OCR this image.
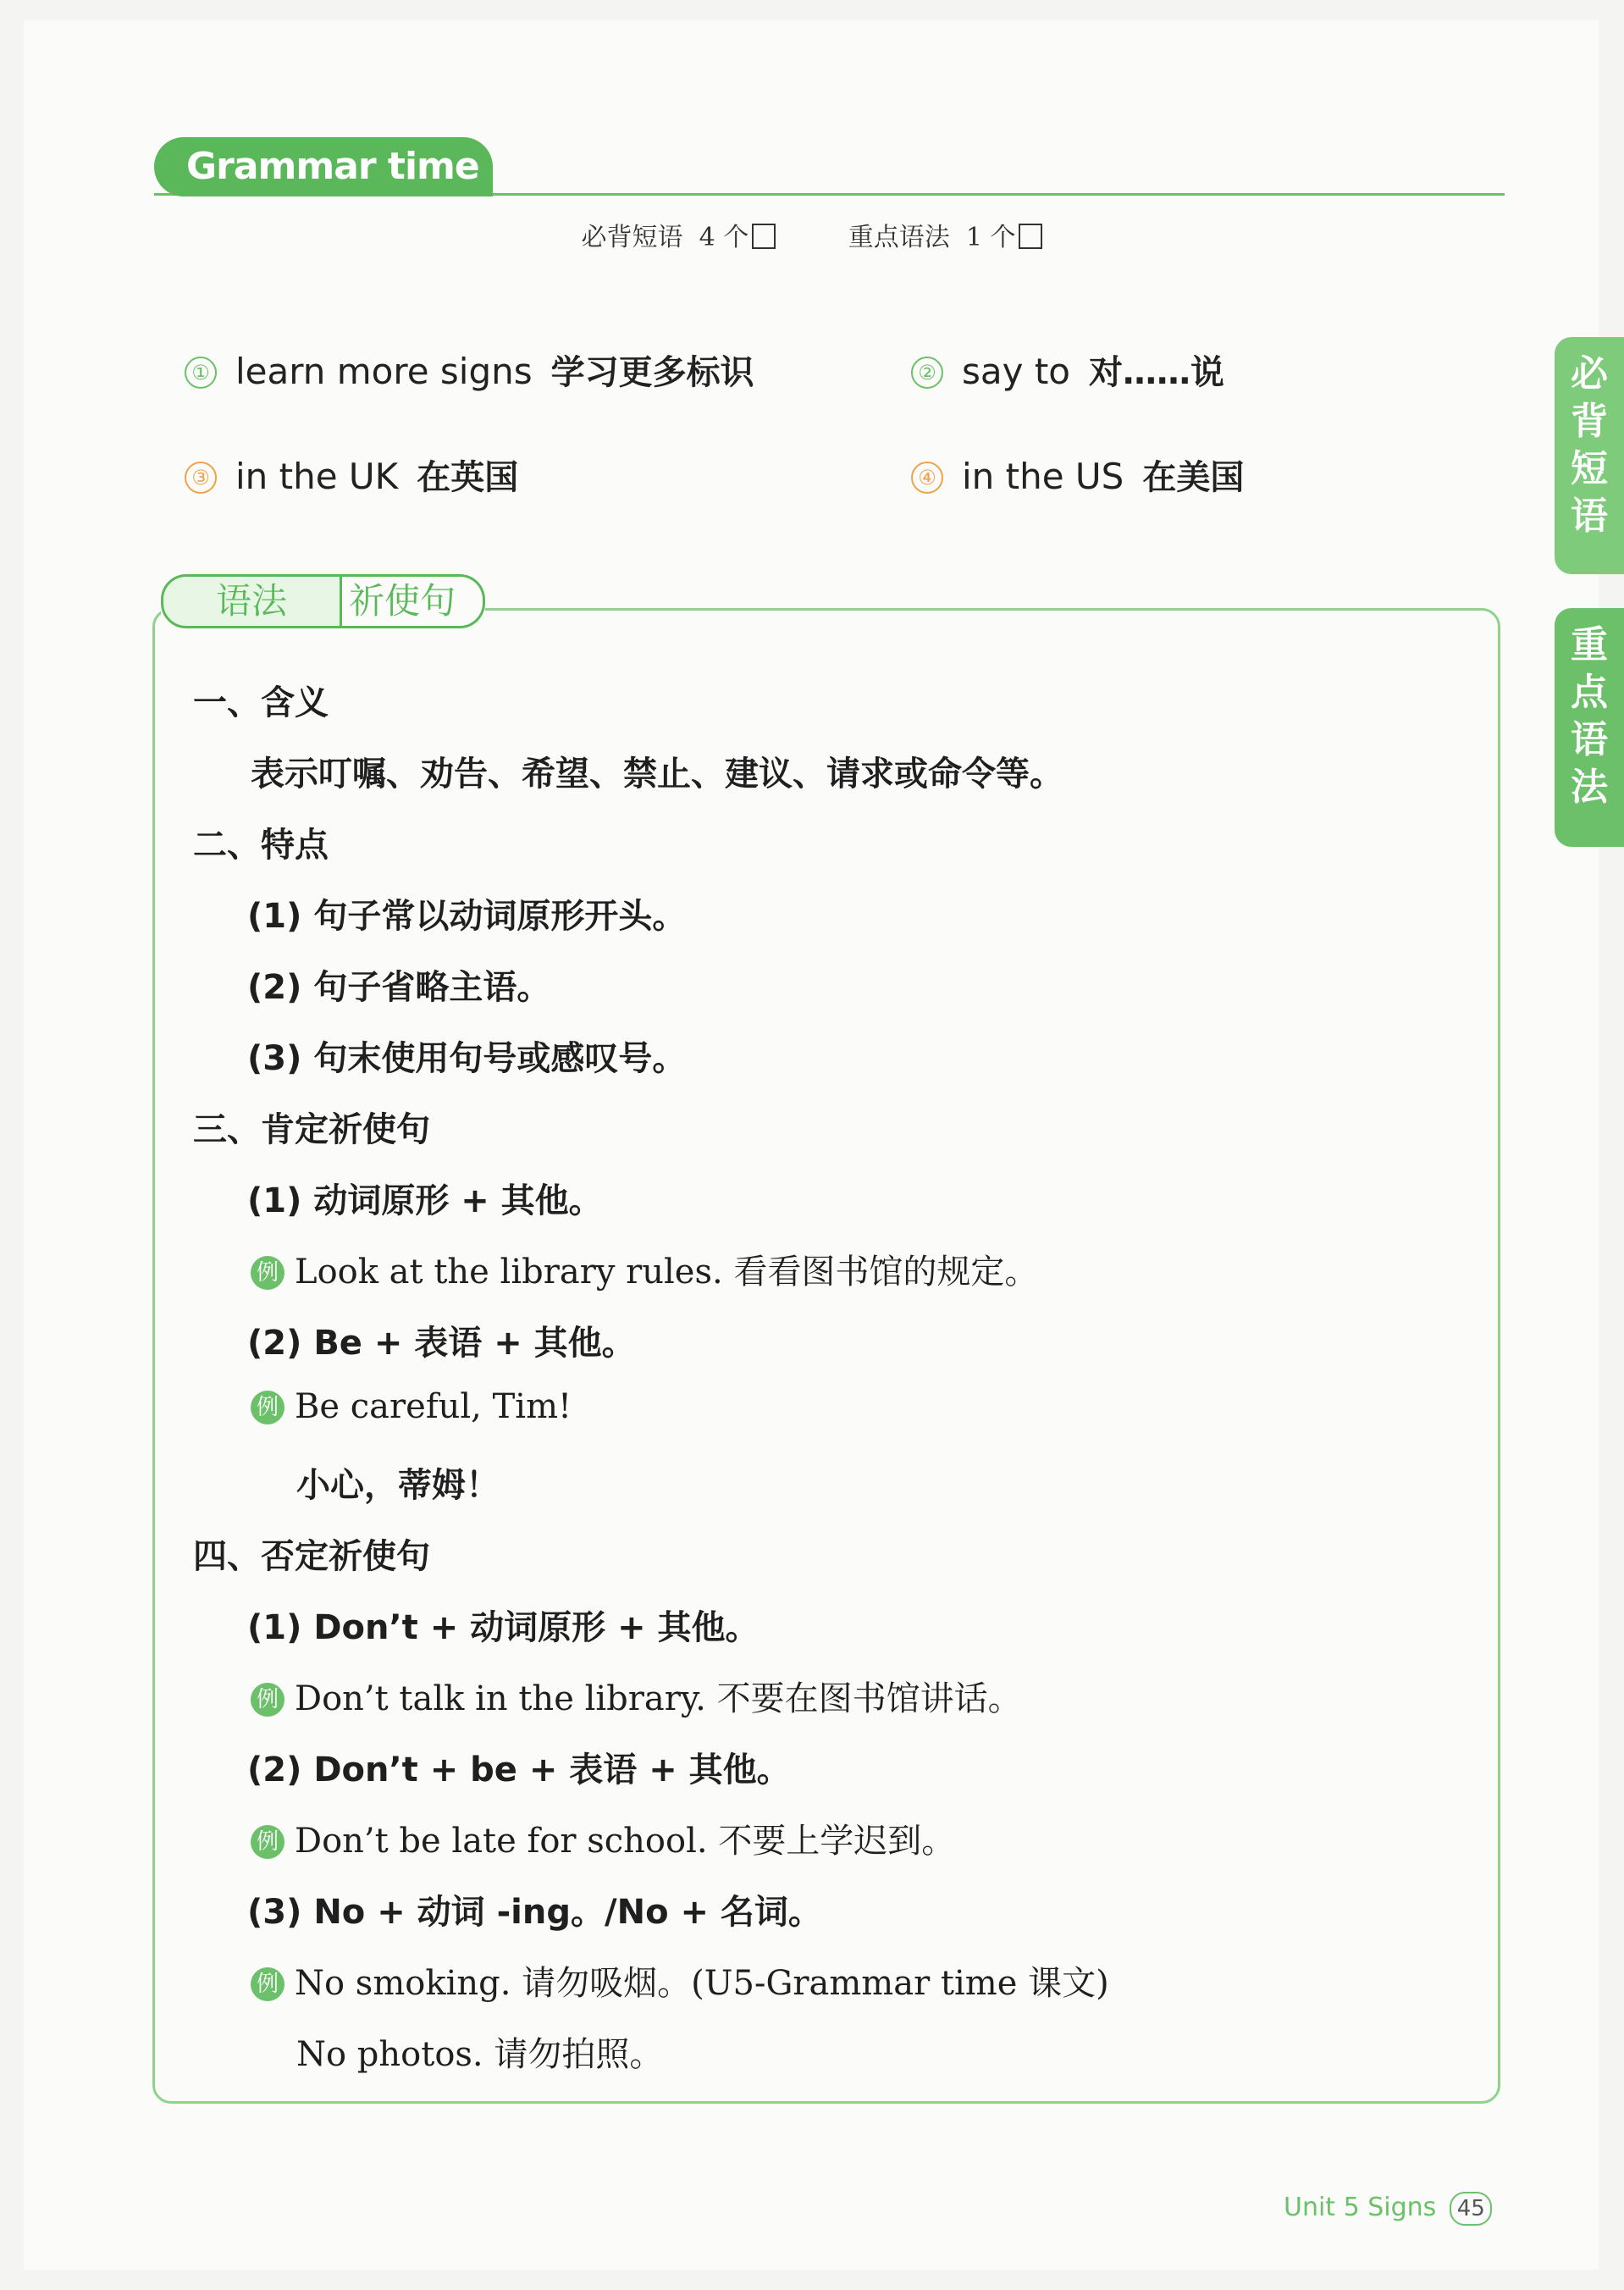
Grammar time
必背短语 4 个	重点语法 1 个
必
背
短
语
重
点
语
法
① learn more signs 学习更多标识	② say to 对……说
③ in the UK 在英国	④ in the US 在美国
语法 祈使句
一、含义
表示叮嘱、劝告、希望、禁止、建议、请求或命令等。
二、特点
(1) 句子常以动词原形开头。
(2) 句子省略主语。
(3) 句末使用句号或感叹号。
三、肯定祈使句
(1) 动词原形 + 其他。
例 Look at the library rules. 看看图书馆的规定。
(2) Be + 表语 + 其他。
例 Be careful, Tim!
小心，蒂姆！
四、否定祈使句
(1) Don’t + 动词原形 + 其他。
例 Don’t talk in the library. 不要在图书馆讲话。
(2) Don’t + be + 表语 + 其他。
例 Don’t be late for school. 不要上学迟到。
(3) No + 动词 -ing。/No + 名词。
例 No smoking. 请勿吸烟。(U5-Grammar time 课文)
No photos. 请勿拍照。
Unit 5 Signs 45
